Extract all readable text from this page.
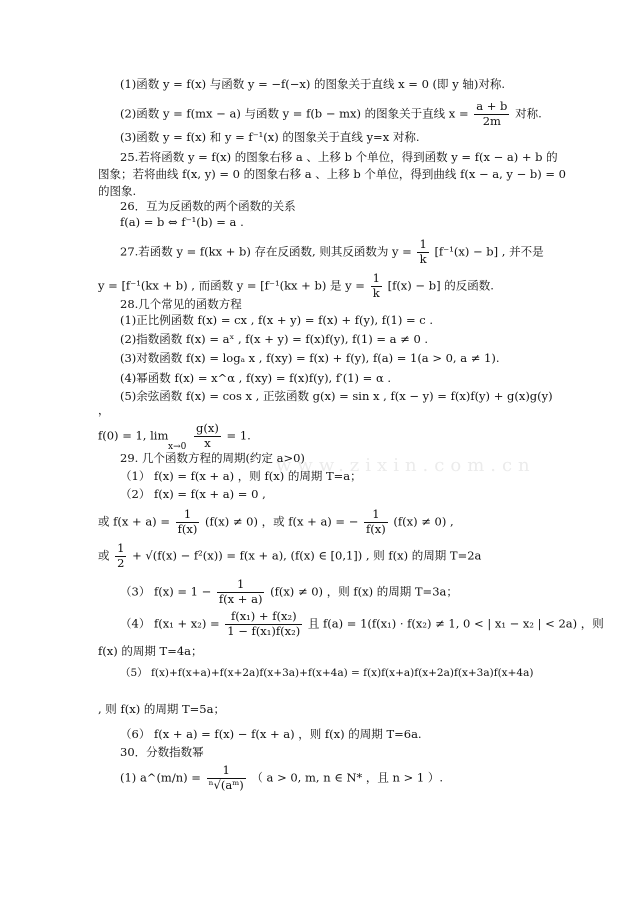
(1)函数 y = f(x) 与函数 y = −f(−x) 的图象关于直线 x = 0 (即 y 轴)对称.
(2)函数 y = f(mx − a) 与函数 y = f(b − mx) 的图象关于直线 $x = \frac{a + b}{2m}$ 对称.
(3)函数 y = f(x) 和 y = f⁻¹(x) 的图象关于直线 y=x 对称.
25.若将函数 y = f(x) 的图象右移 a 、上移 b 个单位，得到函数 y = f(x − a) + b 的
图象；若将曲线 f(x, y) = 0 的图象右移 a 、上移 b 个单位，得到曲线 f(x − a, y − b) = 0
的图象.
26．互为反函数的两个函数的关系
f(a) = b ⇔ f⁻¹(b) = a .
27.若函数 y = f(kx + b) 存在反函数, 则其反函数为 $y = \frac{1}{k} [f^{-1}(x) - b]$ , 并不是
y = [f⁻¹(kx + b) , 而函数 y = [f⁻¹(kx + b) 是 $y = \frac{1}{k} [f(x) - b]$ 的反函数.
28.几个常见的函数方程
(1)正比例函数 f(x) = cx , f(x + y) = f(x) + f(y), f(1) = c .
(2)指数函数 f(x) = aˣ , f(x + y) = f(x)f(y), f(1) = a ≠ 0 .
(3)对数函数 f(x) = logₐ x , f(xy) = f(x) + f(y), f(a) = 1(a > 0, a ≠ 1).
(4)幂函数 f(x) = x^α , f(xy) = f(x)f(y), f′(1) = α .
(5)余弦函数 f(x) = cos x , 正弦函数 g(x) = sin x , f(x − y) = f(x)f(y) + g(x)g(y)
，
f(0) = 1, $\lim x\to 0 \frac{g(x)}{x} = 1$.
29. 几个函数方程的周期(约定 a>0)
（1） f(x) = f(x + a) ，则 f(x) 的周期 T=a；
（2） f(x) = f(x + a) = 0 ,
或 $f(x + a) = \frac{1}{f(x)} (f(x) \ne 0)$ ，或 f(x + a) = − $\frac{1}{f(x)} (f(x) \ne 0)$ ,
或 $\frac{1}{2} + √(f(x) - f^2(x)) = f(x + a)$, (f(x) ∈ [0,1]) , 则 f(x) 的周期 T=2a
（3） $f(x) = 1 - \frac{1}{f(x + a)} (f(x) \ne 0)$ ，则 f(x) 的周期 T=3a；
（4） $f(x_1 + x_2) = \frac{\text{f(x₁) + f(x₂)}}{\text{1 − f(x₁)f(x₂)}}$ 且 f(a) = 1(f(x₁) · f(x₂) ≠ 1, 0 < | x₁ − x₂ | < 2a) ，则
f(x) 的周期 T=4a；
（5） f(x)+f(x+a)+f(x+2a)f(x+3a)+f(x+4a) = f(x)f(x+a)f(x+2a)f(x+3a)f(x+4a)
, 则 f(x) 的周期 T=5a；
（6） f(x + a) = f(x) − f(x + a) ，则 f(x) 的周期 T=6a.
30．分数指数幂
(1) a^(m/n) = $\frac{1}{\text{ⁿ√(aᵐ)}}$ （ a > 0, m, n ∈ N* ，且 n > 1 ）.
www.zixin.com.cn
